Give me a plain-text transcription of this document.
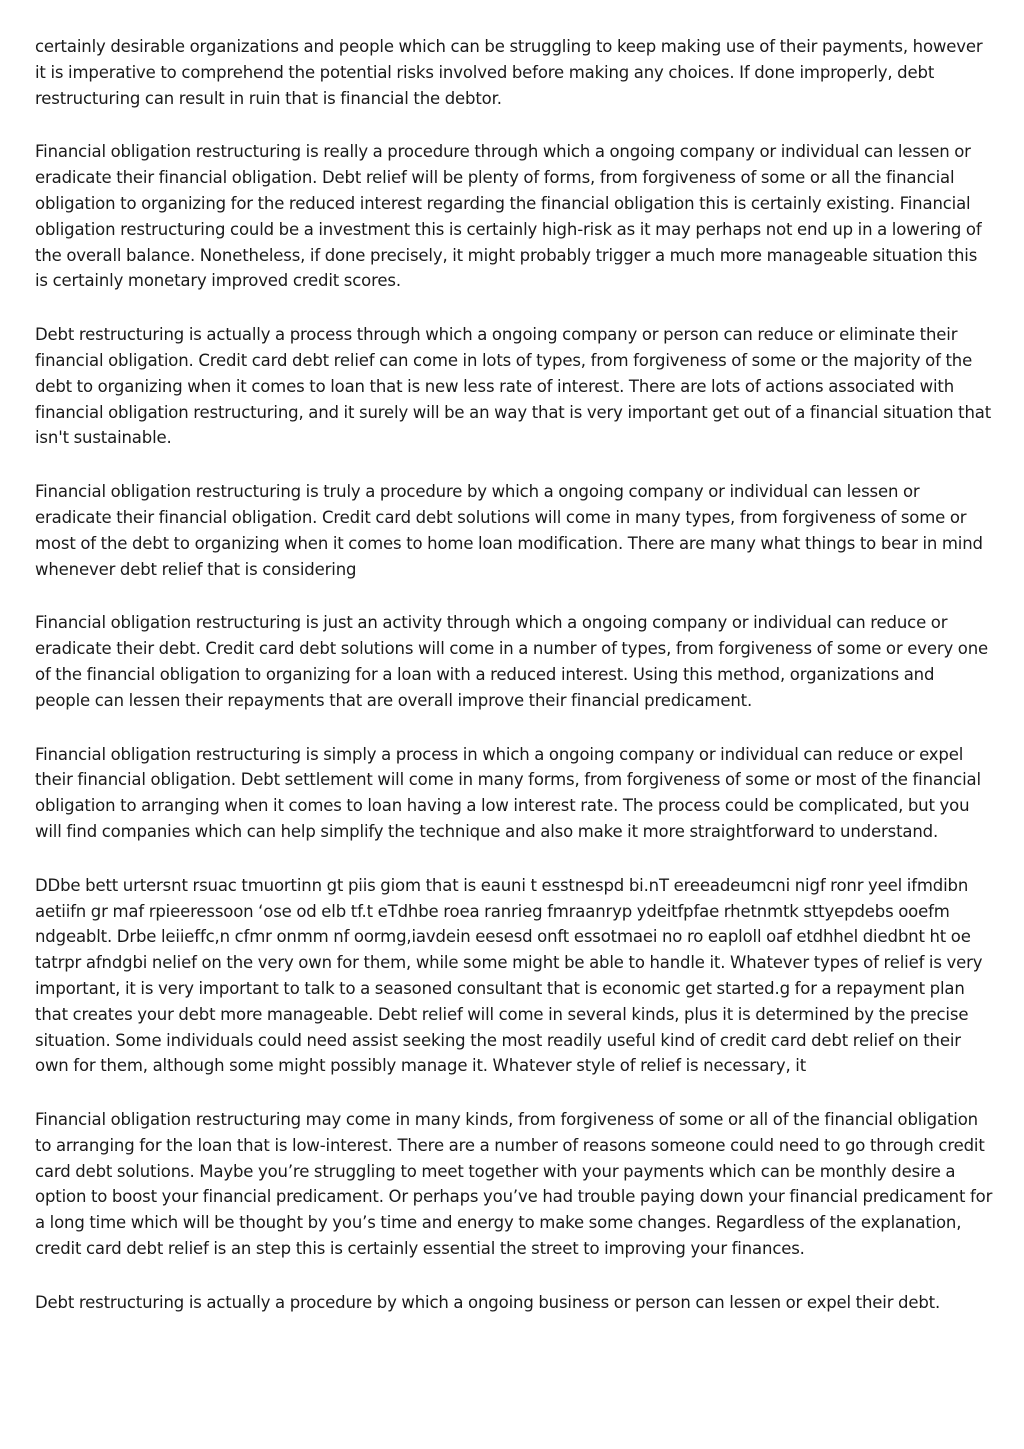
certainly desirable organizations and people which can be struggling to keep making use of their payments, however it is imperative to comprehend the potential risks involved before making any choices. If done improperly, debt restructuring can result in ruin that is financial the debtor.

Financial obligation restructuring is really a procedure through which a ongoing company or individual can lessen or eradicate their financial obligation. Debt relief will be plenty of forms, from forgiveness of some or all the financial obligation to organizing for the reduced interest regarding the financial obligation this is certainly existing. Financial obligation restructuring could be a investment this is certainly high-risk as it may perhaps not end up in a lowering of the overall balance. Nonetheless, if done precisely, it might probably trigger a much more manageable situation this is certainly monetary improved credit scores.

Debt restructuring is actually a process through which a ongoing company or person can reduce or eliminate their financial obligation. Credit card debt relief can come in lots of types, from forgiveness of some or the majority of the debt to organizing when it comes to loan that is new less rate of interest. There are lots of actions associated with financial obligation restructuring, and it surely will be an way that is very important get out of a financial situation that isn't sustainable.

Financial obligation restructuring is truly a procedure by which a ongoing company or individual can lessen or eradicate their financial obligation. Credit card debt solutions will come in many types, from forgiveness of some or most of the debt to organizing when it comes to home loan modification. There are many what things to bear in mind whenever debt relief that is considering

Financial obligation restructuring is just an activity through which a ongoing company or individual can reduce or eradicate their debt. Credit card debt solutions will come in a number of types, from forgiveness of some or every one of the financial obligation to organizing for a loan with a reduced interest. Using this method, organizations and people can lessen their repayments that are overall improve their financial predicament.

Financial obligation restructuring is simply a process in which a ongoing company or individual can reduce or expel their financial obligation. Debt settlement will come in many forms, from forgiveness of some or most of the financial obligation to arranging when it comes to loan having a low interest rate. The process could be complicated, but you will find companies which can help simplify the technique and also make it more straightforward to understand.

DDbe bett urtersnt rsuac tmuortinn gt piis giom that is eauni t esstnespd bi.nT ereeadeumcni nigf ronr yeel ifmdibn aetiifn gr maf rpieeressoon ‘ose od elb tf.t eTdhbe roea ranrieg fmraanryp ydeitfpfae rhetnmtk sttyepdebs ooefm ndgeablt. Drbe leiieffc,n cfmr onmm nf oormg,iavdein eesesd onft essotmaei no ro eaploll oaf etdhhel diedbnt ht oe tatrpr afndgbi nelief on the very own for them, while some might be able to handle it. Whatever types of relief is very important, it is very important to talk to a seasoned consultant that is economic get started.g for a repayment plan that creates your debt more manageable. Debt relief will come in several kinds, plus it is determined by the precise situation. Some individuals could need assist seeking the most readily useful kind of credit card debt relief on their own for them, although some might possibly manage it. Whatever style of relief is necessary, it

Financial obligation restructuring may come in many kinds, from forgiveness of some or all of the financial obligation to arranging for the loan that is low-interest. There are a number of reasons someone could need to go through credit card debt solutions. Maybe you’re struggling to meet together with your payments which can be monthly desire a option to boost your financial predicament. Or perhaps you’ve had trouble paying down your financial predicament for a long time which will be thought by you’s time and energy to make some changes. Regardless of the explanation, credit card debt relief is an step this is certainly essential the street to improving your finances.

Debt restructuring is actually a procedure by which a ongoing business or person can lessen or expel their debt.
